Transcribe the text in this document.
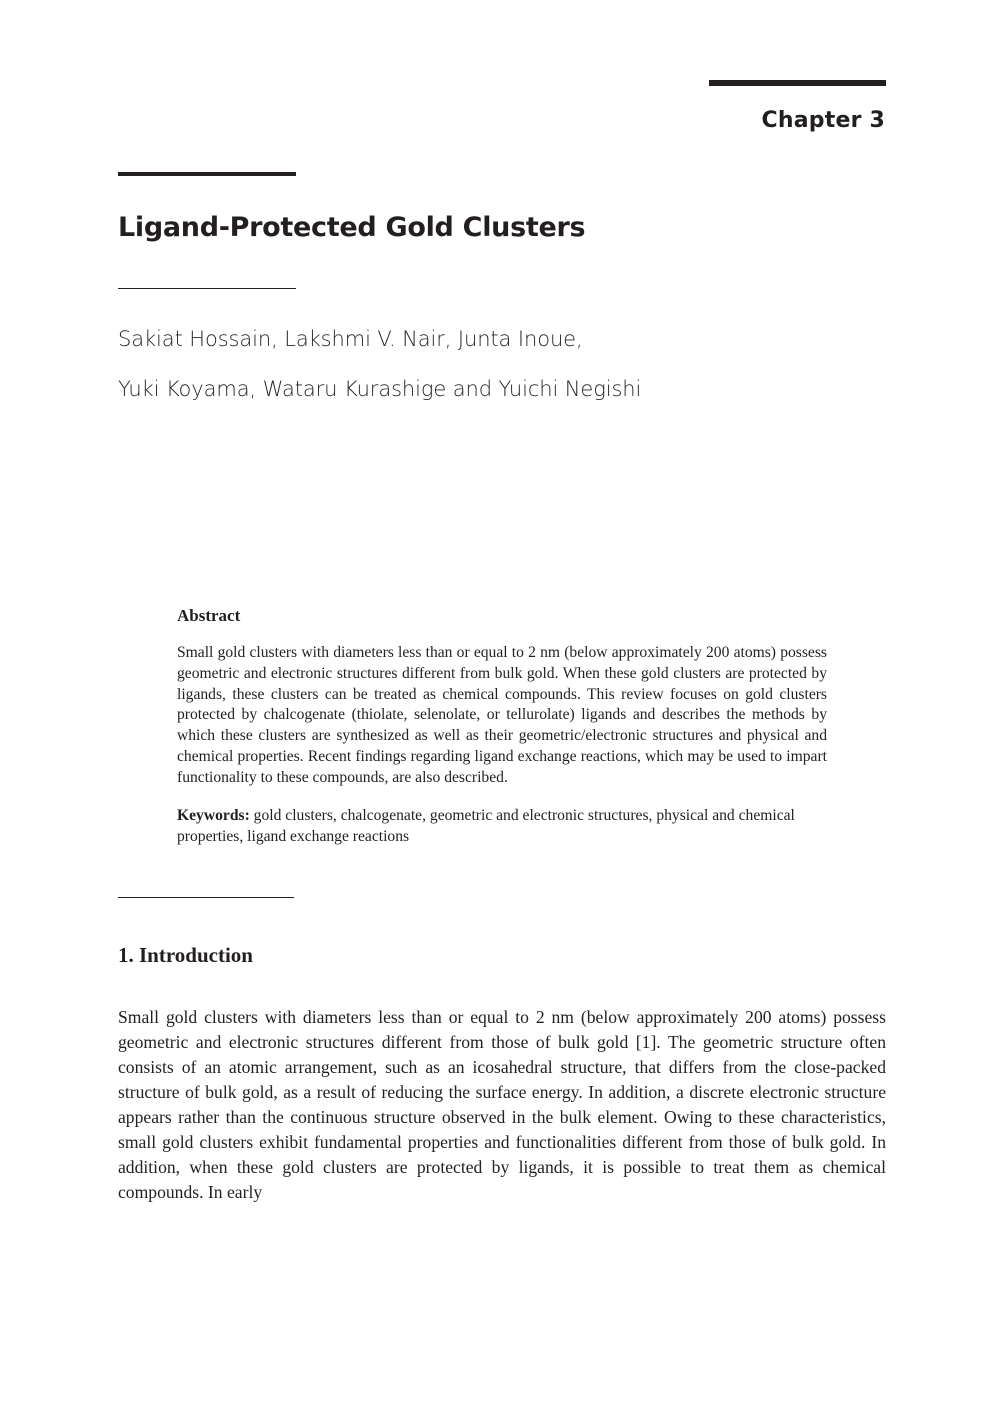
Chapter 3
Ligand-Protected Gold Clusters
Sakiat Hossain, Lakshmi V. Nair, Junta Inoue,
Yuki Koyama, Wataru Kurashige and Yuichi Negishi

Abstract

Small gold clusters with diameters less than or equal to 2 nm (below approximately 200 atoms) possess geometric and electronic structures different from bulk gold. When these gold clusters are protected by ligands, these clusters can be treated as chemical compounds. This review focuses on gold clusters protected by chalcogenate (thiolate, selenolate, or tellurolate) ligands and describes the methods by which these clusters are synthesized as well as their geometric/electronic structures and physical and chemical properties. Recent findings regarding ligand exchange reactions, which may be used to impart functionality to these compounds, are also described.

Keywords: gold clusters, chalcogenate, geometric and electronic structures, physical and chemical properties, ligand exchange reactions

1. Introduction

Small gold clusters with diameters less than or equal to 2 nm (below approximately 200 atoms) possess geometric and electronic structures different from those of bulk gold [1]. The geometric structure often consists of an atomic arrangement, such as an icosahedral structure, that differs from the close-packed structure of bulk gold, as a result of reducing the surface energy. In addition, a discrete electronic structure appears rather than the continuous structure observed in the bulk element. Owing to these characteristics, small gold clusters exhibit fundamental properties and functionalities different from those of bulk gold. In addition, when these gold clusters are protected by ligands, it is possible to treat them as chemical compounds. In early
